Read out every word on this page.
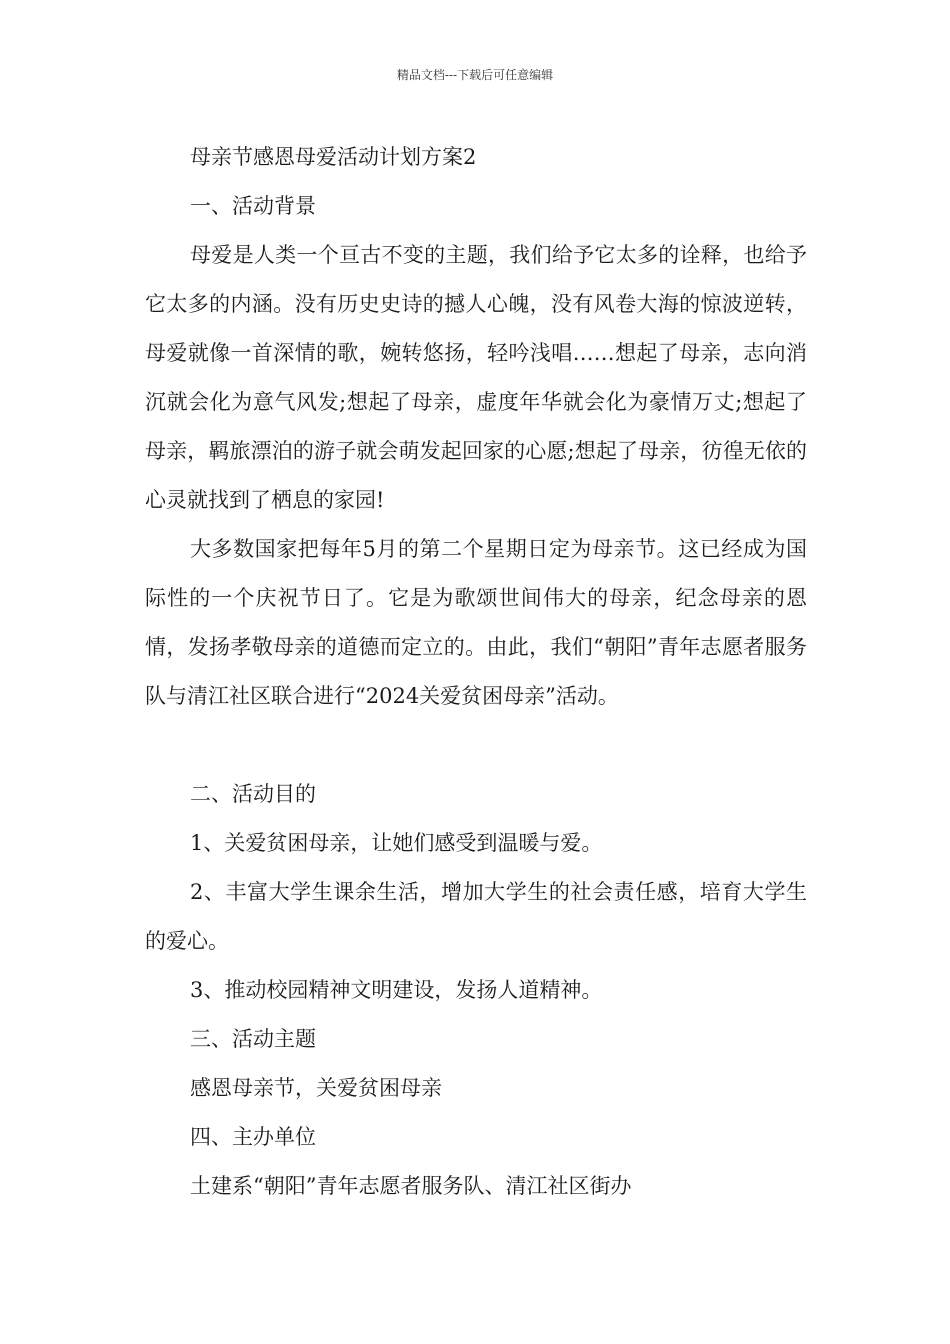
精品文档---下载后可任意编辑

母亲节感恩母爱活动计划方案2

一、活动背景

母爱是人类一个亘古不变的主题，我们给予它太多的诠释，也给予它太多的内涵。没有历史史诗的撼人心魄，没有风卷大海的惊波逆转，母爱就像一首深情的歌，婉转悠扬，轻吟浅唱……想起了母亲，志向消沉就会化为意气风发;想起了母亲，虚度年华就会化为豪情万丈;想起了母亲，羁旅漂泊的游子就会萌发起回家的心愿;想起了母亲，彷徨无依的心灵就找到了栖息的家园!

大多数国家把每年5月的第二个星期日定为母亲节。这已经成为国际性的一个庆祝节日了。它是为歌颂世间伟大的母亲，纪念母亲的恩情，发扬孝敬母亲的道德而定立的。由此，我们“朝阳”青年志愿者服务队与清江社区联合进行“2024关爱贫困母亲”活动。

二、活动目的

1、关爱贫困母亲，让她们感受到温暖与爱。

2、丰富大学生课余生活，增加大学生的社会责任感，培育大学生的爱心。

3、推动校园精神文明建设，发扬人道精神。

三、活动主题

感恩母亲节，关爱贫困母亲

四、主办单位

土建系“朝阳”青年志愿者服务队、清江社区街办
